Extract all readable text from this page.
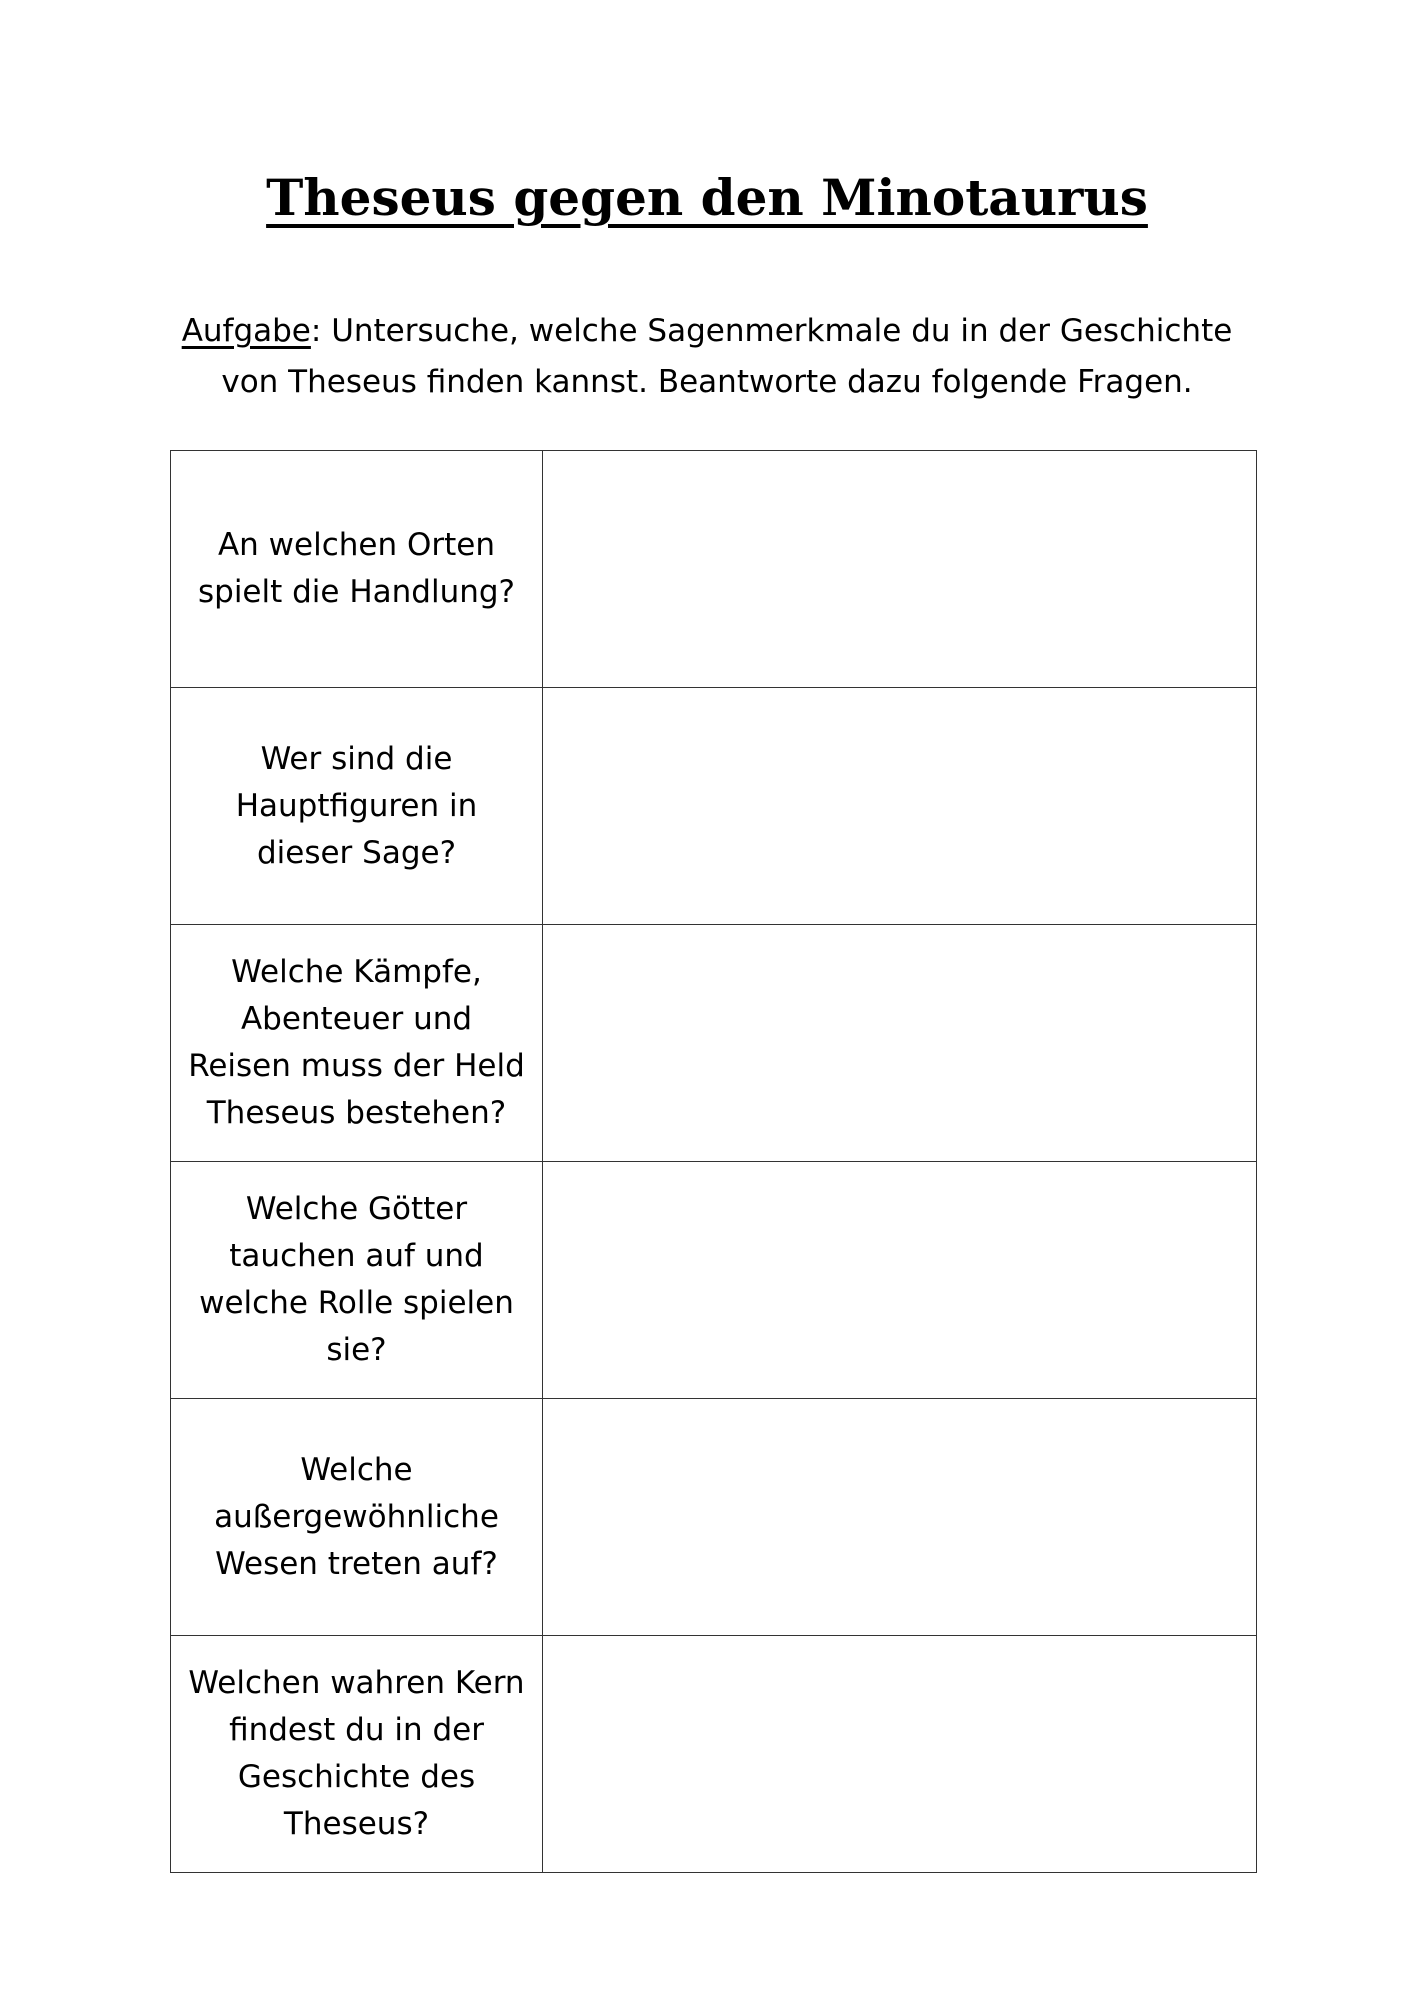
Theseus gegen den Minotaurus
Aufgabe: Untersuche, welche Sagenmerkmale du in der Geschichte von Theseus finden kannst. Beantworte dazu folgende Fragen.
An welchen Orten spielt die Handlung?	
Wer sind die Hauptfiguren in dieser Sage?	
Welche Kämpfe, Abenteuer und Reisen muss der Held Theseus bestehen?	
Welche Götter tauchen auf und welche Rolle spielen sie?	
Welche außergewöhnliche Wesen treten auf?	
Welchen wahren Kern findest du in der Geschichte des Theseus?	
